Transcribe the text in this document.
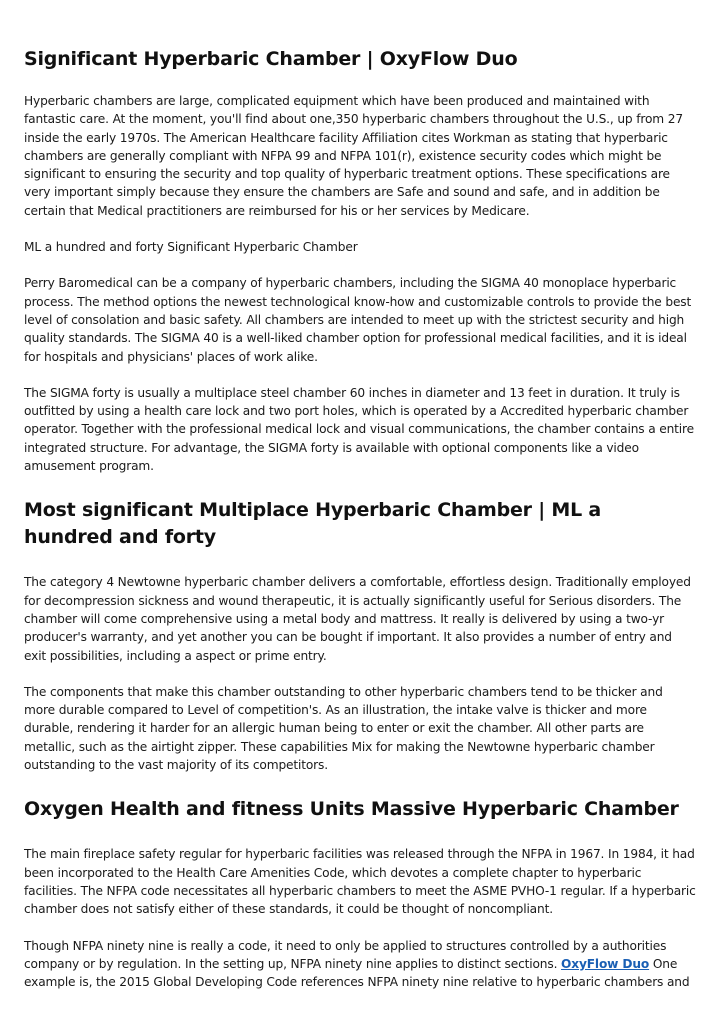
Significant Hyperbaric Chamber | OxyFlow Duo

Hyperbaric chambers are large, complicated equipment which have been produced and maintained with fantastic care. At the moment, you'll find about one,350 hyperbaric chambers throughout the U.S., up from 27 inside the early 1970s. The American Healthcare facility Affiliation cites Workman as stating that hyperbaric chambers are generally compliant with NFPA 99 and NFPA 101(r), existence security codes which might be significant to ensuring the security and top quality of hyperbaric treatment options. These specifications are very important simply because they ensure the chambers are Safe and sound and safe, and in addition be certain that Medical practitioners are reimbursed for his or her services by Medicare.

ML a hundred and forty Significant Hyperbaric Chamber

Perry Baromedical can be a company of hyperbaric chambers, including the SIGMA 40 monoplace hyperbaric process. The method options the newest technological know-how and customizable controls to provide the best level of consolation and basic safety. All chambers are intended to meet up with the strictest security and high quality standards. The SIGMA 40 is a well-liked chamber option for professional medical facilities, and it is ideal for hospitals and physicians' places of work alike.

The SIGMA forty is usually a multiplace steel chamber 60 inches in diameter and 13 feet in duration. It truly is outfitted by using a health care lock and two port holes, which is operated by a Accredited hyperbaric chamber operator. Together with the professional medical lock and visual communications, the chamber contains a entire integrated structure. For advantage, the SIGMA forty is available with optional components like a video amusement program.

Most significant Multiplace Hyperbaric Chamber | ML a hundred and forty

The category 4 Newtowne hyperbaric chamber delivers a comfortable, effortless design. Traditionally employed for decompression sickness and wound therapeutic, it is actually significantly useful for Serious disorders. The chamber will come comprehensive using a metal body and mattress. It really is delivered by using a two-yr producer's warranty, and yet another you can be bought if important. It also provides a number of entry and exit possibilities, including a aspect or prime entry.

The components that make this chamber outstanding to other hyperbaric chambers tend to be thicker and more durable compared to Level of competition's. As an illustration, the intake valve is thicker and more durable, rendering it harder for an allergic human being to enter or exit the chamber. All other parts are metallic, such as the airtight zipper. These capabilities Mix for making the Newtowne hyperbaric chamber outstanding to the vast majority of its competitors.

Oxygen Health and fitness Units Massive Hyperbaric Chamber

The main fireplace safety regular for hyperbaric facilities was released through the NFPA in 1967. In 1984, it had been incorporated to the Health Care Amenities Code, which devotes a complete chapter to hyperbaric facilities. The NFPA code necessitates all hyperbaric chambers to meet the ASME PVHO-1 regular. If a hyperbaric chamber does not satisfy either of these standards, it could be thought of noncompliant.

Though NFPA ninety nine is really a code, it need to only be applied to structures controlled by a authorities company or by regulation. In the setting up, NFPA ninety nine applies to distinct sections. OxyFlow Duo One example is, the 2015 Global Developing Code references NFPA ninety nine relative to hyperbaric chambers and
